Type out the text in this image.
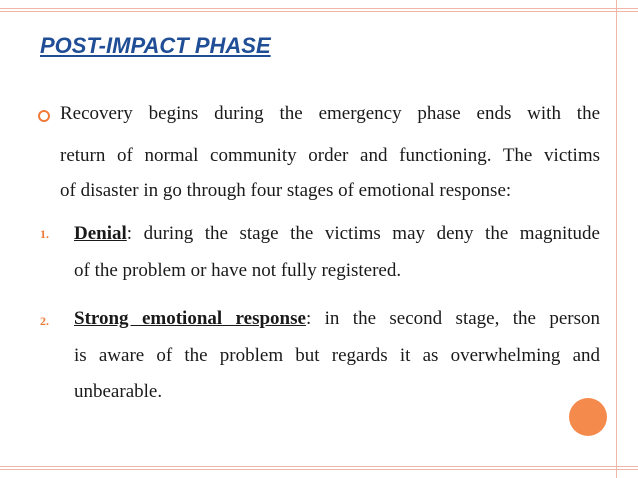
POST-IMPACT PHASE

Recovery begins during the emergency phase ends with the

return of normal community order and functioning. The victims

of disaster in go through four stages of emotional response:

1. Denial: during the stage the victims may deny the magnitude

of the problem or have not fully registered.

2. Strong emotional response: in the second stage, the person

is aware of the problem but regards it as overwhelming and

unbearable.
